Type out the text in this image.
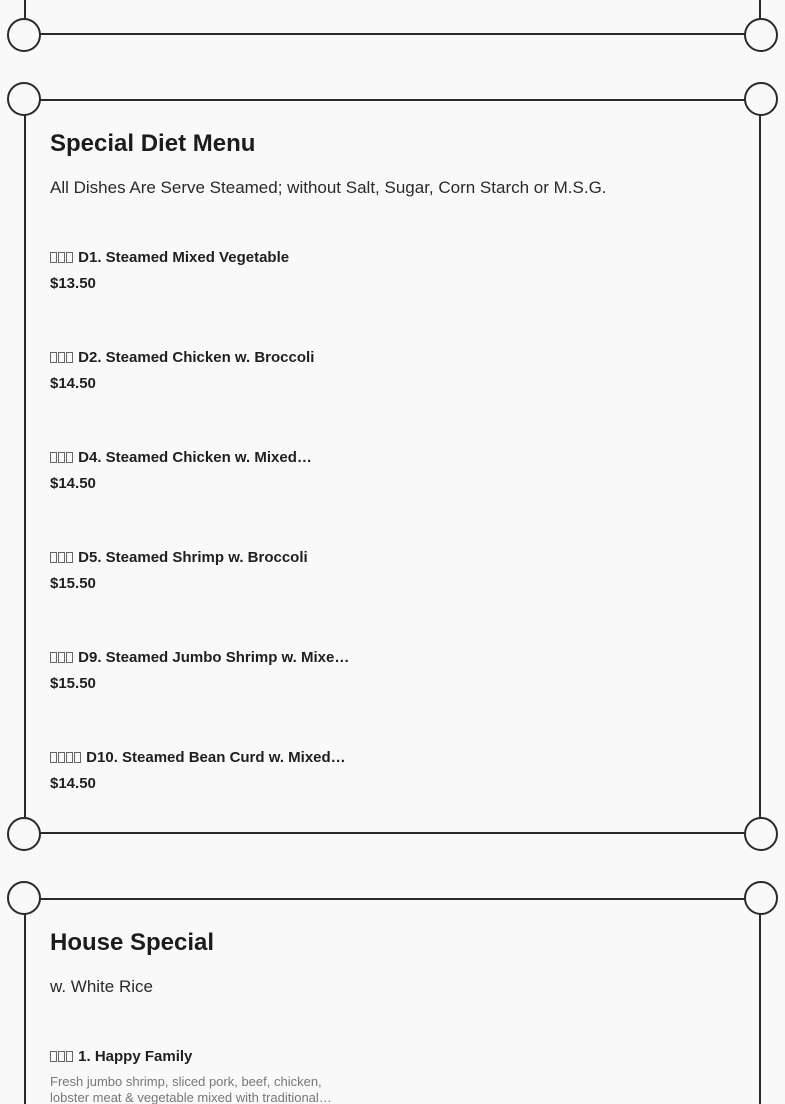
Special Diet Menu

All Dishes Are Serve Steamed; without Salt, Sugar, Corn Starch or M.S.G.

D1. Steamed Mixed Vegetable
$13.50
D2. Steamed Chicken w. Broccoli
$14.50
D4. Steamed Chicken w. Mixed…
$14.50
D5. Steamed Shrimp w. Broccoli
$15.50
D9. Steamed Jumbo Shrimp w. Mixe…
$15.50
D10. Steamed Bean Curd w. Mixed…
$14.50
House Special

w. White Rice

1. Happy Family
Fresh jumbo shrimp, sliced pork, beef, chicken, lobster meat & vegetable mixed with traditional…
